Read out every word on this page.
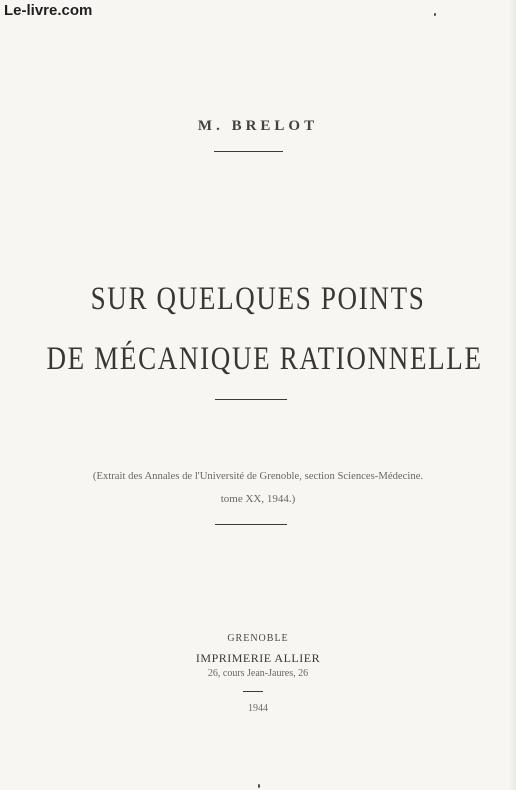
Le-livre.com
M. BRELOT
SUR QUELQUES POINTS
DE MÉCANIQUE RATIONNELLE
(Extrait des Annales de l'Université de Grenoble, section Sciences-Médecine.
tome XX, 1944.)
GRENOBLE
IMPRIMERIE ALLIER
26, cours Jean-Jaures, 26
1944
